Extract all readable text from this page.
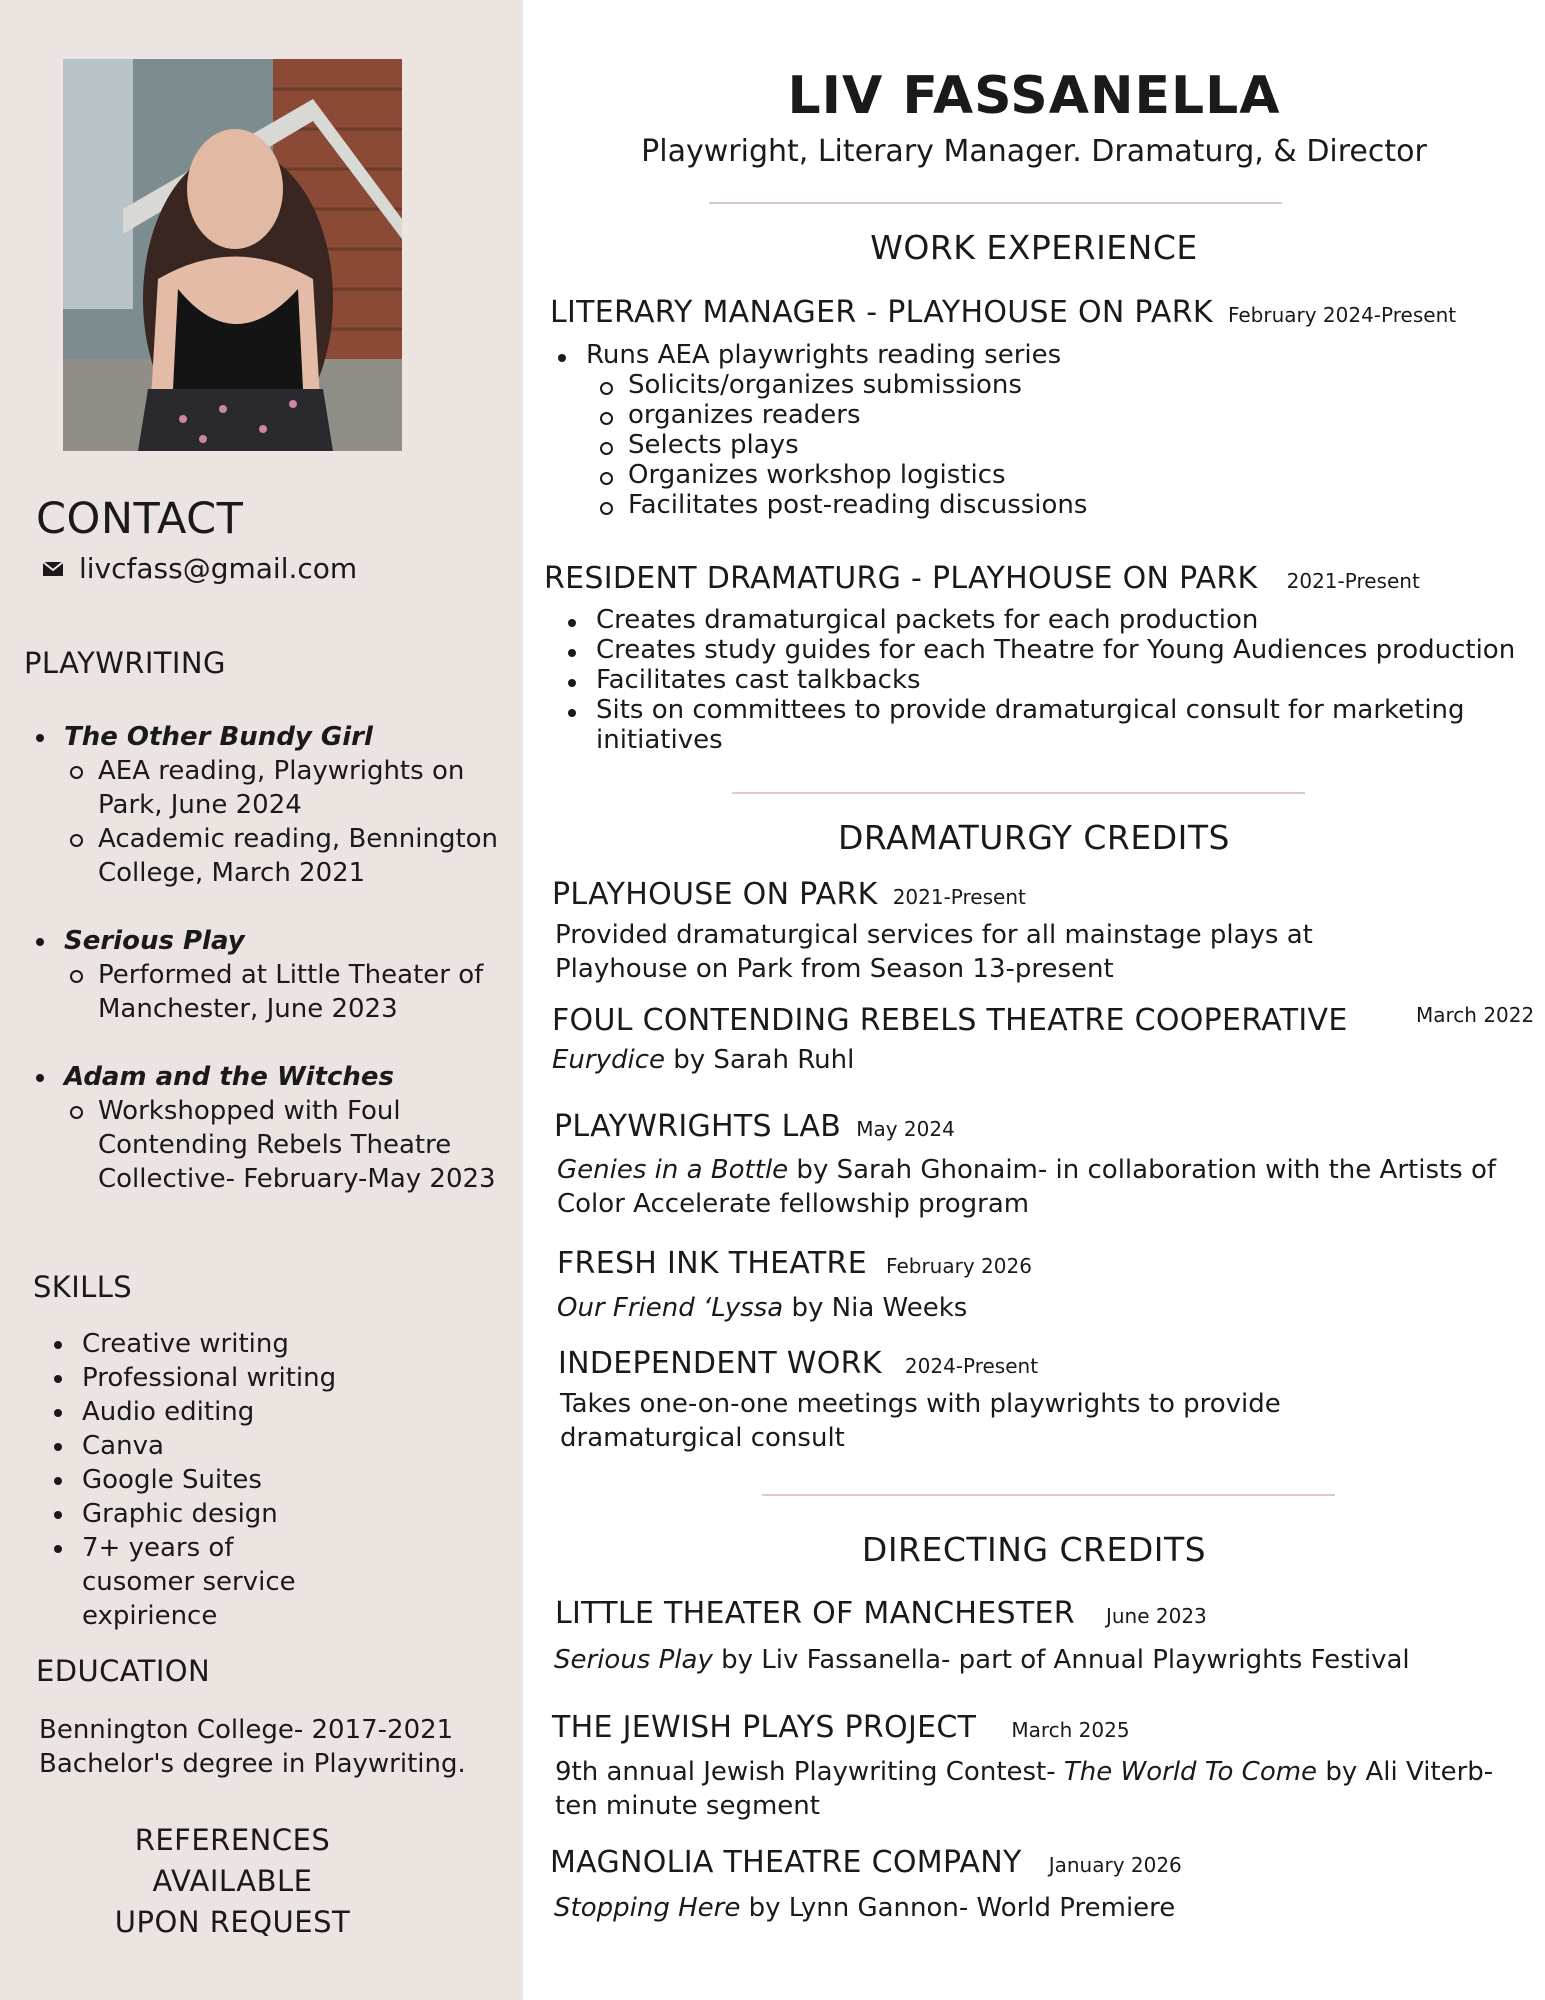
CONTACT
livcfass@gmail.com
PLAYWRITING
The Other Bundy Girl
AEA reading, Playwrights on Park, June 2024
Academic reading, Bennington College, March 2021
Serious Play
Performed at Little Theater of Manchester, June 2023
Adam and the Witches
Workshopped with Foul Contending Rebels Theatre Collective- February-May 2023
SKILLS
Creative writing
Professional writing
Audio editing
Canva
Google Suites
Graphic design
7+ years of cusomer service expirience
EDUCATION
Bennington College- 2017-2021
Bachelor's degree in Playwriting.
REFERENCES
AVAILABLE
UPON REQUEST
LIV FASSANELLA
Playwright, Literary Manager. Dramaturg, & Director
WORK EXPERIENCE
LITERARY MANAGER - PLAYHOUSE ON PARK February 2024-Present
Runs AEA playwrights reading series
Solicits/organizes submissions
organizes readers
Selects plays
Organizes workshop logistics
Facilitates post-reading discussions
RESIDENT DRAMATURG - PLAYHOUSE ON PARK 2021-Present
Creates dramaturgical packets for each production
Creates study guides for each Theatre for Young Audiences production
Facilitates cast talkbacks
Sits on committees to provide dramaturgical consult for marketing initiatives
DRAMATURGY CREDITS
PLAYHOUSE ON PARK 2021-Present
Provided dramaturgical services for all mainstage plays at Playhouse on Park from Season 13-present
FOUL CONTENDING REBELS THEATRE COOPERATIVE	March 2022
Eurydice by Sarah Ruhl
PLAYWRIGHTS LAB May 2024
Genies in a Bottle by Sarah Ghonaim- in collaboration with the Artists of Color Accelerate fellowship program
FRESH INK THEATRE February 2026
Our Friend ‘Lyssa by Nia Weeks
INDEPENDENT WORK 2024-Present
Takes one-on-one meetings with playwrights to provide dramaturgical consult
DIRECTING CREDITS
LITTLE THEATER OF MANCHESTER June 2023
Serious Play by Liv Fassanella- part of Annual Playwrights Festival
THE JEWISH PLAYS PROJECT March 2025
9th annual Jewish Playwriting Contest- The World To Come by Ali Viterb-ten minute segment
MAGNOLIA THEATRE COMPANY January 2026
Stopping Here by Lynn Gannon- World Premiere
